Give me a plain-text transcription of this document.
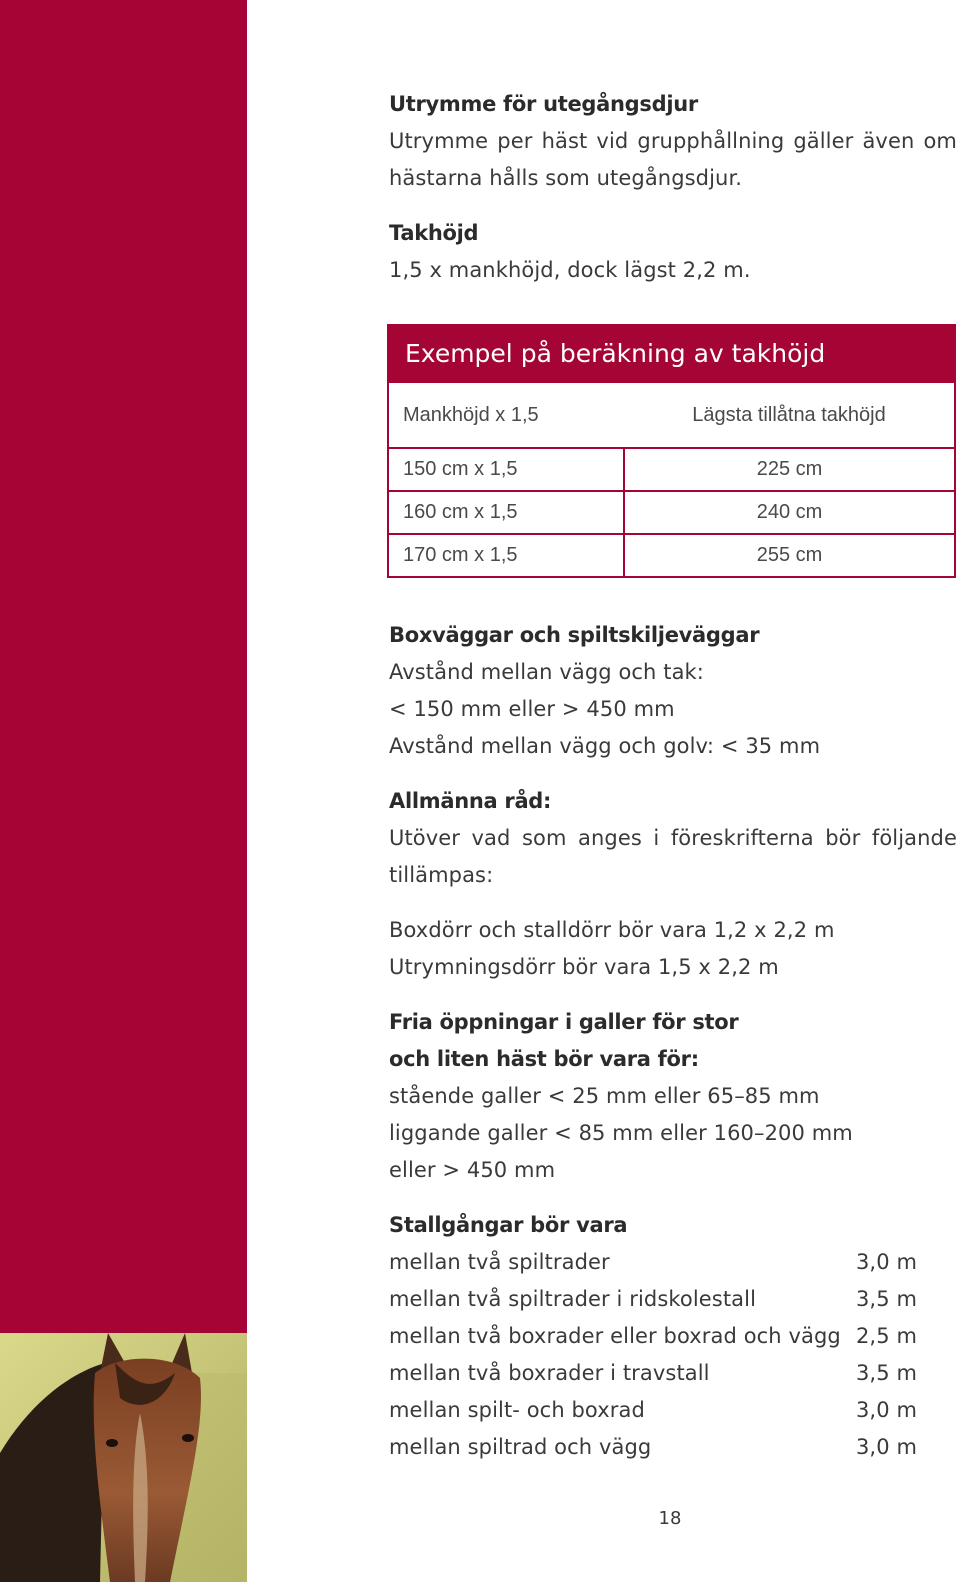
Utrymme för utegångsdjur
Utrymme per häst vid grupphållning gäller även om
hästarna hålls som utegångsdjur.
Takhöjd
1,5 x mankhöjd, dock lägst 2,2 m.
Exempel på beräkning av takhöjd	
Mankhöjd x 1,5	Lägsta tillåtna takhöjd
150 cm x 1,5	225 cm
160 cm x 1,5	240 cm
170 cm x 1,5	255 cm
Boxväggar och spiltskiljeväggar
Avstånd mellan vägg och tak:
< 150 mm eller > 450 mm
Avstånd mellan vägg och golv: < 35 mm
Allmänna råd:
Utöver vad som anges i föreskrifterna bör följande
tillämpas:
Boxdörr och stalldörr bör vara 1,2 x 2,2 m
Utrymningsdörr bör vara 1,5 x 2,2 m
Fria öppningar i galler för stor
och liten häst bör vara för:
stående galler < 25 mm eller 65–85 mm
liggande galler < 85 mm eller 160–200 mm
eller > 450 mm
Stallgångar bör vara
mellan två spiltrader	3,0 m
mellan två spiltrader i ridskolestall	3,5 m
mellan två boxrader eller boxrad och vägg 2,5 m
mellan två boxrader i travstall	3,5 m
mellan spilt- och boxrad	3,0 m
mellan spiltrad och vägg	3,0 m
18
